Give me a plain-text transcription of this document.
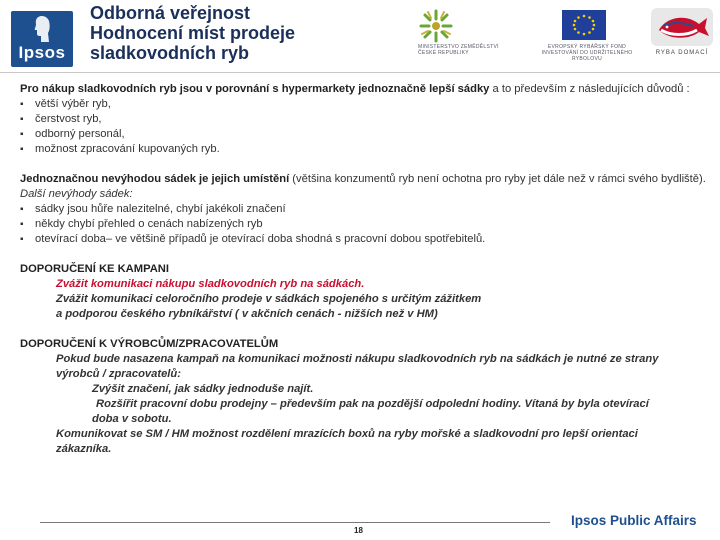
Ipsos
Odborná veřejnost
Hodnocení míst prodeje
sladkovodních ryb	MINISTERSTVO ZEMĚDĚLSTVÍ
ČESKÉ REPUBLIKY
EVROPSKÝ RYBÁŘSKÝ FOND
INVESTOVÁNÍ DO UDRŽITELNÉHO
RYBOLOVU
RYBA DOMACÍ

Pro nákup sladkovodních ryb jsou v porovnání s hypermarkety jednoznačně lepší sádky a to především z následujících důvodů :

▪ větší výběr ryb,
▪ čerstvost ryb,
▪ odborný personál,
▪ možnost zpracování kupovaných ryb.

Jednoznačnou nevýhodou sádek je jejich umístění (většina konzumentů ryb není ochotna pro ryby jet dále než v rámci svého bydliště).

Další nevýhody sádek:
▪ sádky jsou hůře nalezitelné, chybí jakékoli značení
▪ někdy chybí přehled o cenách nabízených ryb
▪ otevírací doba– ve většině případů je otevírací doba shodná s pracovní dobou spotřebitelů.
DOPORUČENÍ KE KAMPANI
Zvážit komunikaci nákupu sladkovodních ryb na sádkách.
Zvážit komunikaci celoročního prodeje v sádkách spojeného s určitým zážitkem
a podporou českého rybníkářství ( v akčních cenách - nižších než v HM)
DOPORUČENÍ K VÝROBCŮM/ZPRACOVATELŮM
Pokud bude nasazena kampaň na komunikaci možnosti nákupu sladkovodních ryb na sádkách je nutné ze strany
výrobců / zpracovatelů:
Zvýšit značení, jak sádky jednoduše najít.
Rozšířit pracovní dobu prodejny – především pak na pozdější odpolední hodiny. Vítaná by byla otevírací
doba v sobotu.
Komunikovat se SM / HM možnost rozdělení mrazících boxů na ryby mořské a sladkovodní pro lepší orientaci
zákazníka.
18
Ipsos Public Affairs
